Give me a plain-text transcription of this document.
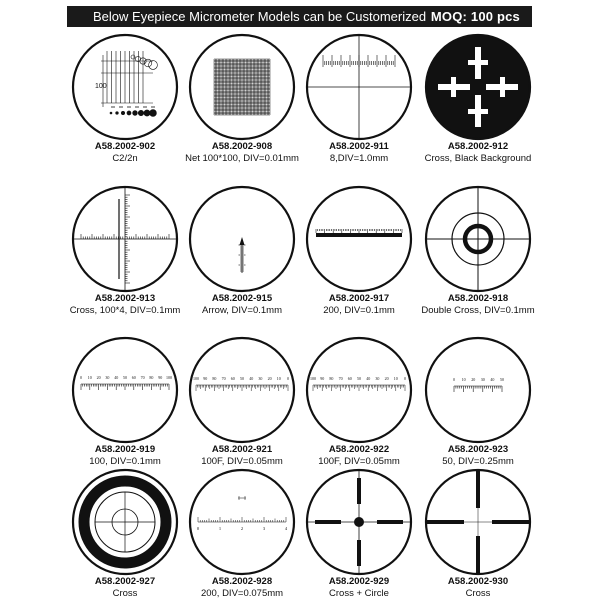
Below Eyepiece Micrometer Models can be Customerized MOQ: 100 pcs
100
A58.2002-902
C2/2n
A58.2002-908
Net 100*100, DIV=0.01mm
A58.2002-911
8,DIV=1.0mm
A58.2002-912
Cross, Black Background
A58.2002-913
Cross, 100*4, DIV=0.1mm
A58.2002-915
Arrow, DIV=0.1mm
A58.2002-917
200, DIV=0.1mm
A58.2002-918
Double Cross, DIV=0.1mm
0 10 20 30 40 50 60 70 80 90 100
A58.2002-919
100, DIV=0.1mm
100 90 80 70 60 50 40 30 20 10 0
A58.2002-921
100F, DIV=0.05mm
100 90 80 70 60 50 40 30 20 10 0
A58.2002-922
100F, DIV=0.05mm
0 10 20 30 40 50
A58.2002-923
50, DIV=0.25mm
A58.2002-927
Cross
0	1	2	3	4
A58.2002-928
200, DIV=0.075mm
A58.2002-929
Cross + Circle
A58.2002-930
Cross
